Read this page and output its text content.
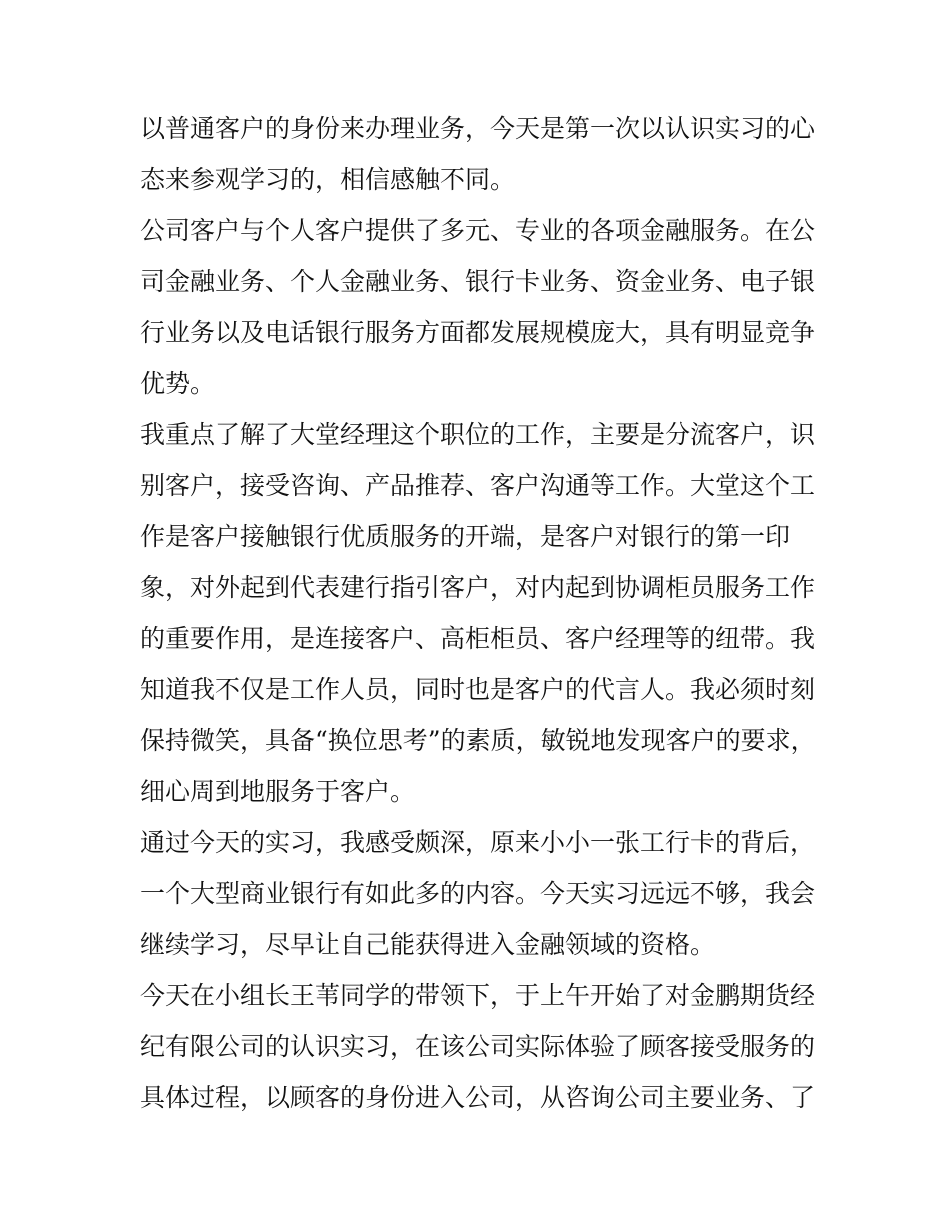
以普通客户的身份来办理业务，今天是第一次以认识实习的心
态来参观学习的，相信感触不同。
公司客户与个人客户提供了多元、专业的各项金融服务。在公
司金融业务、个人金融业务、银行卡业务、资金业务、电子银
行业务以及电话银行服务方面都发展规模庞大，具有明显竞争
优势。
我重点了解了大堂经理这个职位的工作，主要是分流客户，识
别客户，接受咨询、产品推荐、客户沟通等工作。大堂这个工
作是客户接触银行优质服务的开端，是客户对银行的第一印
象，对外起到代表建行指引客户，对内起到协调柜员服务工作
的重要作用，是连接客户、高柜柜员、客户经理等的纽带。我
知道我不仅是工作人员，同时也是客户的代言人。我必须时刻
保持微笑，具备“换位思考”的素质，敏锐地发现客户的要求，
细心周到地服务于客户。
通过今天的实习，我感受颇深，原来小小一张工行卡的背后，
一个大型商业银行有如此多的内容。今天实习远远不够，我会
继续学习，尽早让自己能获得进入金融领域的资格。
今天在小组长王苇同学的带领下，于上午开始了对金鹏期货经
纪有限公司的认识实习，在该公司实际体验了顾客接受服务的
具体过程，以顾客的身份进入公司，从咨询公司主要业务、了
